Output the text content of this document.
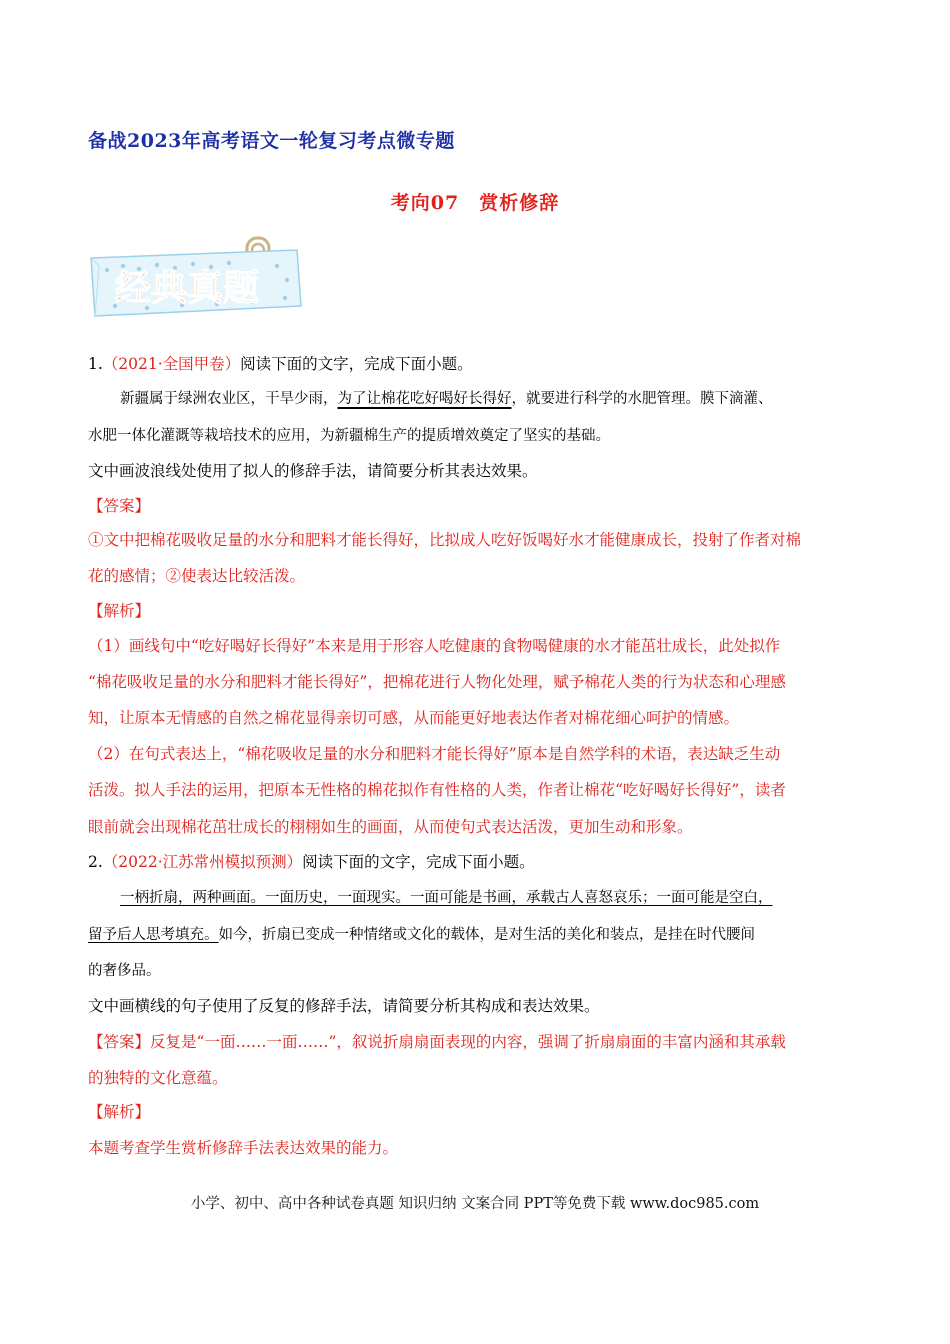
备战2023年高考语文一轮复习考点微专题
考向07　赏析修辞
经典真题
1.（2021·全国甲卷）阅读下面的文字，完成下面小题。
新疆属于绿洲农业区，干旱少雨，为了让棉花吃好喝好长得好，就要进行科学的水肥管理。膜下滴灌、
水肥一体化灌溉等栽培技术的应用，为新疆棉生产的提质增效奠定了坚实的基础。
文中画波浪线处使用了拟人的修辞手法，请简要分析其表达效果。
【答案】
①文中把棉花吸收足量的水分和肥料才能长得好，比拟成人吃好饭喝好水才能健康成长，投射了作者对棉
花的感情；②使表达比较活泼。
【解析】
（1）画线句中“吃好喝好长得好”本来是用于形容人吃健康的食物喝健康的水才能茁壮成长，此处拟作
“棉花吸收足量的水分和肥料才能长得好”，把棉花进行人物化处理，赋予棉花人类的行为状态和心理感
知，让原本无情感的自然之棉花显得亲切可感，从而能更好地表达作者对棉花细心呵护的情感。
（2）在句式表达上，“棉花吸收足量的水分和肥料才能长得好”原本是自然学科的术语，表达缺乏生动
活泼。拟人手法的运用，把原本无性格的棉花拟作有性格的人类，作者让棉花“吃好喝好长得好”，读者
眼前就会出现棉花茁壮成长的栩栩如生的画面，从而使句式表达活泼，更加生动和形象。
2.（2022·江苏常州模拟预测）阅读下面的文字，完成下面小题。
一柄折扇，两种画面。一面历史，一面现实。一面可能是书画，承载古人喜怒哀乐；一面可能是空白，
留予后人思考填充。如今，折扇已变成一种情绪或文化的载体，是对生活的美化和装点，是挂在时代腰间
的奢侈品。
文中画横线的句子使用了反复的修辞手法，请简要分析其构成和表达效果。
【答案】反复是“一面……一面……”，叙说折扇扇面表现的内容，强调了折扇扇面的丰富内涵和其承载
的独特的文化意蕴。
【解析】
本题考查学生赏析修辞手法表达效果的能力。
小学、初中、高中各种试卷真题 知识归纳 文案合同 PPT等免费下载 www.doc985.com
